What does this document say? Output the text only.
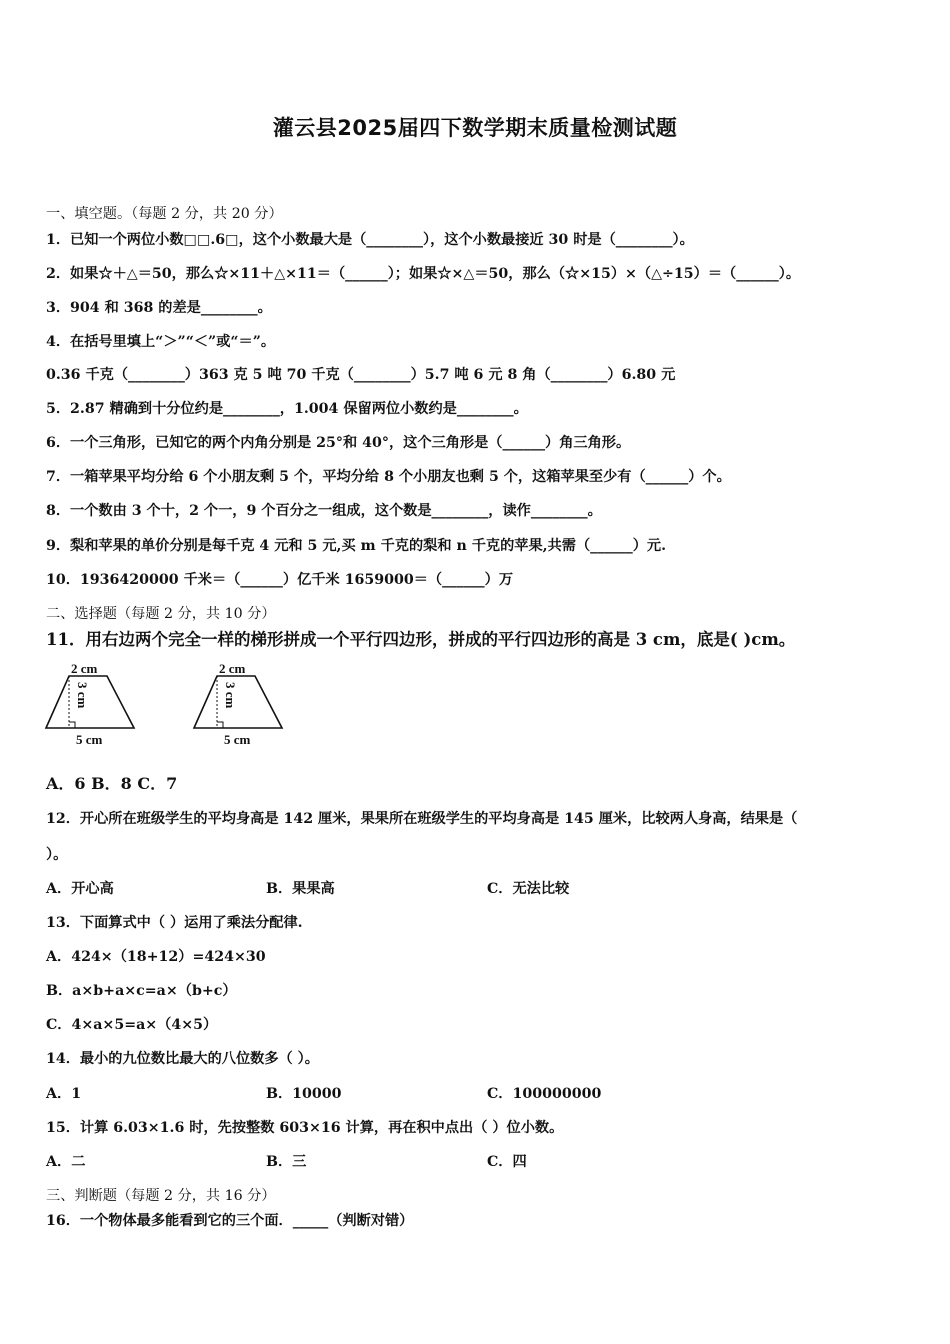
灌云县2025届四下数学期末质量检测试题
一、填空题。（每题 2 分，共 20 分）
1．已知一个两位小数□□.6□，这个小数最大是（________），这个小数最接近 30 时是（________）。
2．如果☆＋△＝50，那么☆×11＋△×11＝（______）；如果☆×△＝50，那么（☆×15）×（△÷15）＝（______）。
3．904 和 368 的差是________。
4．在括号里填上“＞”“＜”或“＝”。
0.36 千克（________）363 克 5 吨 70 千克（________）5.7 吨 6 元 8 角（________）6.80 元
5．2.87 精确到十分位约是________，1.004 保留两位小数约是________。
6．一个三角形，已知它的两个内角分别是 25°和 40°，这个三角形是（______）角三角形。
7．一箱苹果平均分给 6 个小朋友剩 5 个，平均分给 8 个小朋友也剩 5 个，这箱苹果至少有（______）个。
8．一个数由 3 个十，2 个一，9 个百分之一组成，这个数是________，读作________。
9．梨和苹果的单价分别是每千克 4 元和 5 元,买 m 千克的梨和 n 千克的苹果,共需（______）元.
10．1936420000 千米＝（______）亿千米 1659000＝（______）万
二、选择题（每题 2 分，共 10 分）
11．用右边两个完全一样的梯形拼成一个平行四边形，拼成的平行四边形的高是 3 cm，底是( )cm。
2 cm
3 cm
5 cm
2 cm
3 cm
5 cm
A．6 B．8 C．7
12．开心所在班级学生的平均身高是 142 厘米，果果所在班级学生的平均身高是 145 厘米，比较两人身高，结果是（
）。
A．开心高	B．果果高	C．无法比较
13．下面算式中（ ）运用了乘法分配律.
A．424×（18+12）=424×30
B．a×b+a×c=a×（b+c）
C．4×a×5=a×（4×5）
14．最小的九位数比最大的八位数多（ ）。
A．1	B．10000	C．100000000
15．计算 6.03×1.6 时，先按整数 603×16 计算，再在积中点出（ ）位小数。
A．二	B．三	C．四
三、判断题（每题 2 分，共 16 分）
16．一个物体最多能看到它的三个面．_____（判断对错）
